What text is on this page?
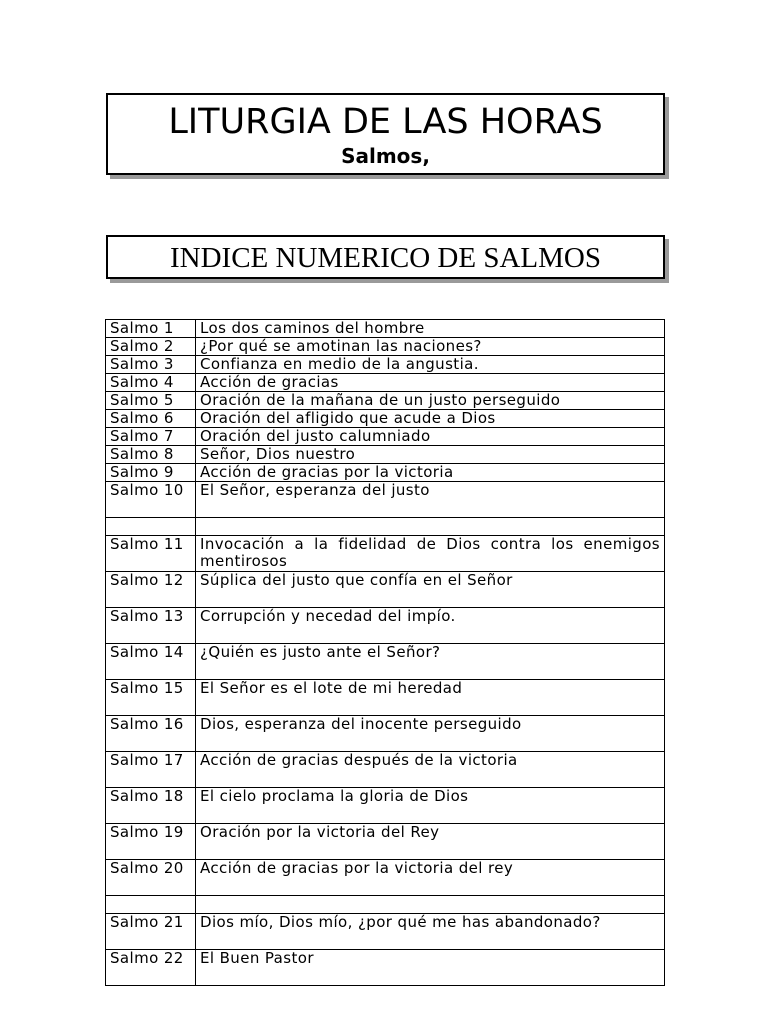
LITURGIA DE LAS HORAS
Salmos,
INDICE NUMERICO DE SALMOS
Salmo 1	Los dos caminos del hombre
Salmo 2	¿Por qué se amotinan las naciones?
Salmo 3	Confianza en medio de la angustia.
Salmo 4	Acción de gracias
Salmo 5	Oración de la mañana de un justo perseguido
Salmo 6	Oración del afligido que acude a Dios
Salmo 7	Oración del justo calumniado
Salmo 8	Señor, Dios nuestro
Salmo 9	Acción de gracias por la victoria
Salmo 10	El Señor, esperanza del justo

Salmo 11	Invocación a la fidelidad de Dios contra los enemigos mentirosos
Salmo 12	Súplica del justo que confía en el Señor
Salmo 13	Corrupción y necedad del impío.
Salmo 14	¿Quién es justo ante el Señor?
Salmo 15	El Señor es el lote de mi heredad
Salmo 16	Dios, esperanza del inocente perseguido
Salmo 17	Acción de gracias después de la victoria
Salmo 18	El cielo proclama la gloria de Dios
Salmo 19	Oración por la victoria del Rey
Salmo 20	Acción de gracias por la victoria del rey

Salmo 21	Dios mío, Dios mío, ¿por qué me has abandonado?
Salmo 22	El Buen Pastor
